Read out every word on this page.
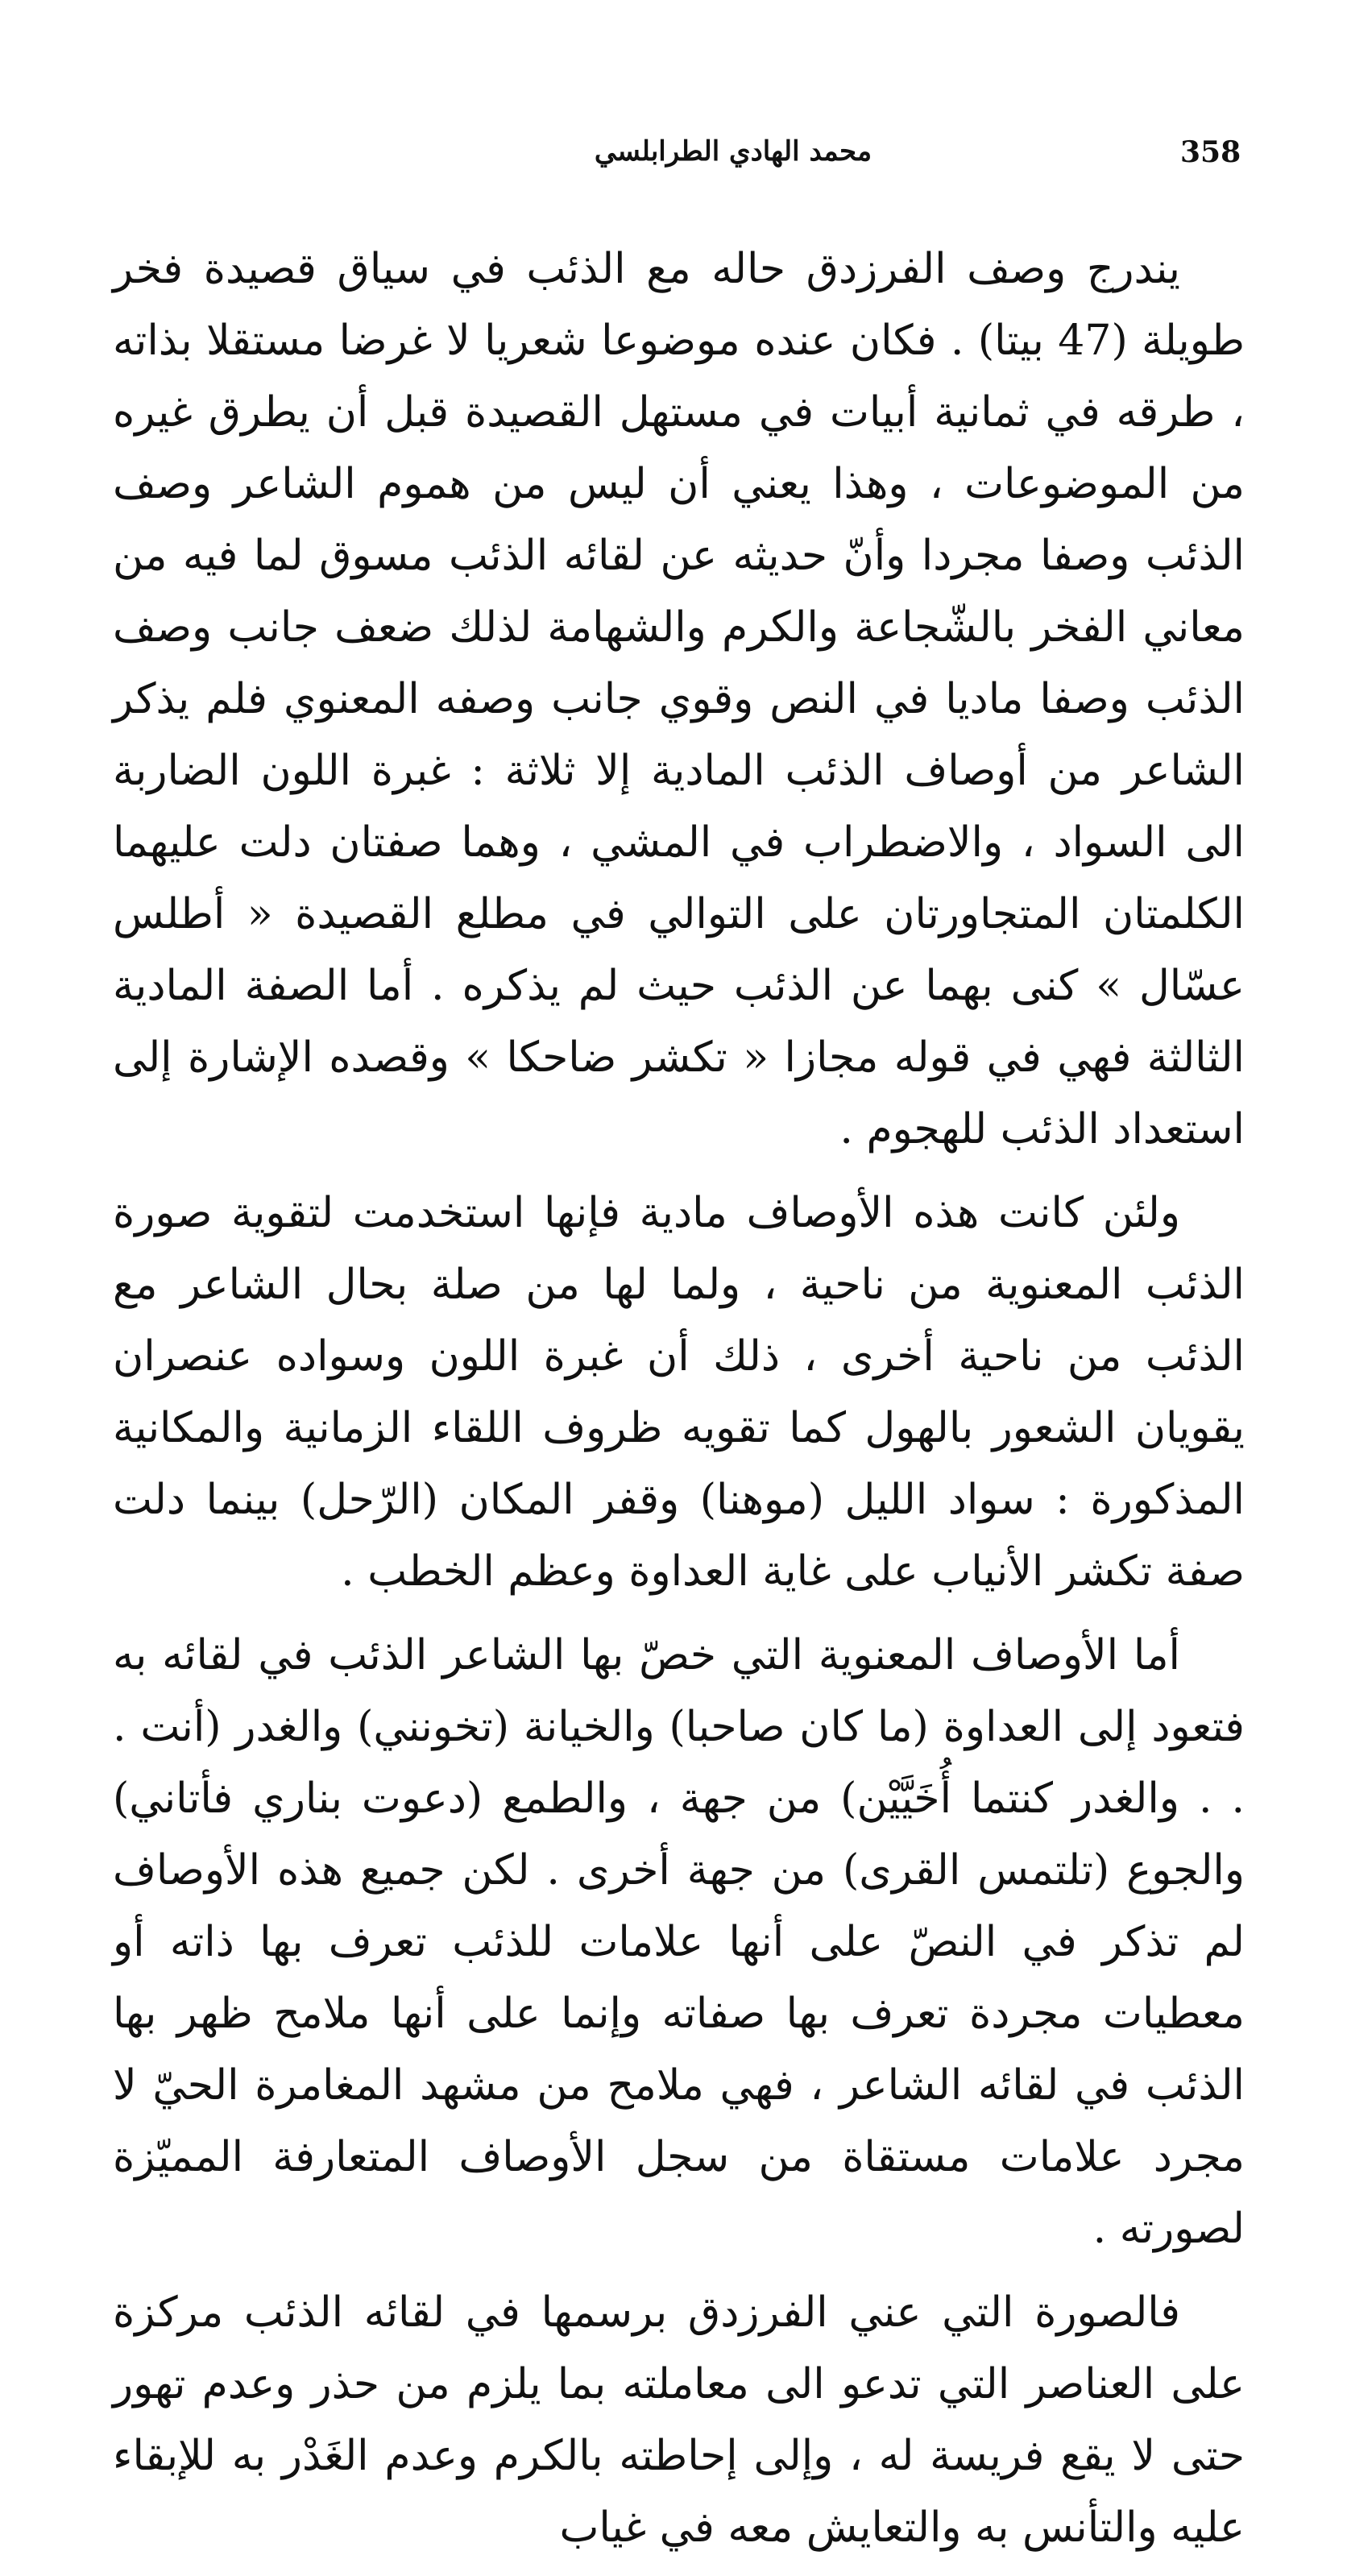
358
محمد الهادي الطرابلسي

يندرج وصف الفرزدق حاله مع الذئب في سياق قصيدة فخر طويلة (47 بيتا) . فكان عنده موضوعا شعريا لا غرضا مستقلا بذاته ، طرقه في ثمانية أبيات في مستهل القصيدة قبل أن يطرق غيره من الموضوعات ، وهذا يعني أن ليس من هموم الشاعر وصف الذئب وصفا مجردا وأنّ حديثه عن لقائه الذئب مسوق لما فيه من معاني الفخر بالشّجاعة والكرم والشهامة لذلك ضعف جانب وصف الذئب وصفا ماديا في النص وقوي جانب وصفه المعنوي فلم يذكر الشاعر من أوصاف الذئب المادية إلا ثلاثة : غبرة اللون الضاربة الى السواد ، والاضطراب في المشي ، وهما صفتان دلت عليهما الكلمتان المتجاورتان على التوالي في مطلع القصيدة « أطلس عسّال » كنى بهما عن الذئب حيث لم يذكره . أما الصفة المادية الثالثة فهي في قوله مجازا « تكشر ضاحكا » وقصده الإشارة إلى استعداد الذئب للهجوم .

ولئن كانت هذه الأوصاف مادية فإنها استخدمت لتقوية صورة الذئب المعنوية من ناحية ، ولما لها من صلة بحال الشاعر مع الذئب من ناحية أخرى ، ذلك أن غبرة اللون وسواده عنصران يقويان الشعور بالهول كما تقويه ظروف اللقاء الزمانية والمكانية المذكورة : سواد الليل (موهنا) وقفر المكان (الرّحل) بينما دلت صفة تكشر الأنياب على غاية العداوة وعظم الخطب .

أما الأوصاف المعنوية التي خصّ بها الشاعر الذئب في لقائه به فتعود إلى العداوة (ما كان صاحبا) والخيانة (تخونني) والغدر (أنت . . . والغدر كنتما أُخَيَّيْن) من جهة ، والطمع (دعوت بناري فأتاني) والجوع (تلتمس القرى) من جهة أخرى . لكن جميع هذه الأوصاف لم تذكر في النصّ على أنها علامات للذئب تعرف بها ذاته أو معطيات مجردة تعرف بها صفاته وإنما على أنها ملامح ظهر بها الذئب في لقائه الشاعر ، فهي ملامح من مشهد المغامرة الحيّ لا مجرد علامات مستقاة من سجل الأوصاف المتعارفة المميّزة لصورته .

فالصورة التي عني الفرزدق برسمها في لقائه الذئب مركزة على العناصر التي تدعو الى معاملته بما يلزم من حذر وعدم تهور حتى لا يقع فريسة له ، وإلى إحاطته بالكرم وعدم الغَدْر به للإبقاء عليه والتأنس به والتعايش معه في غياب
